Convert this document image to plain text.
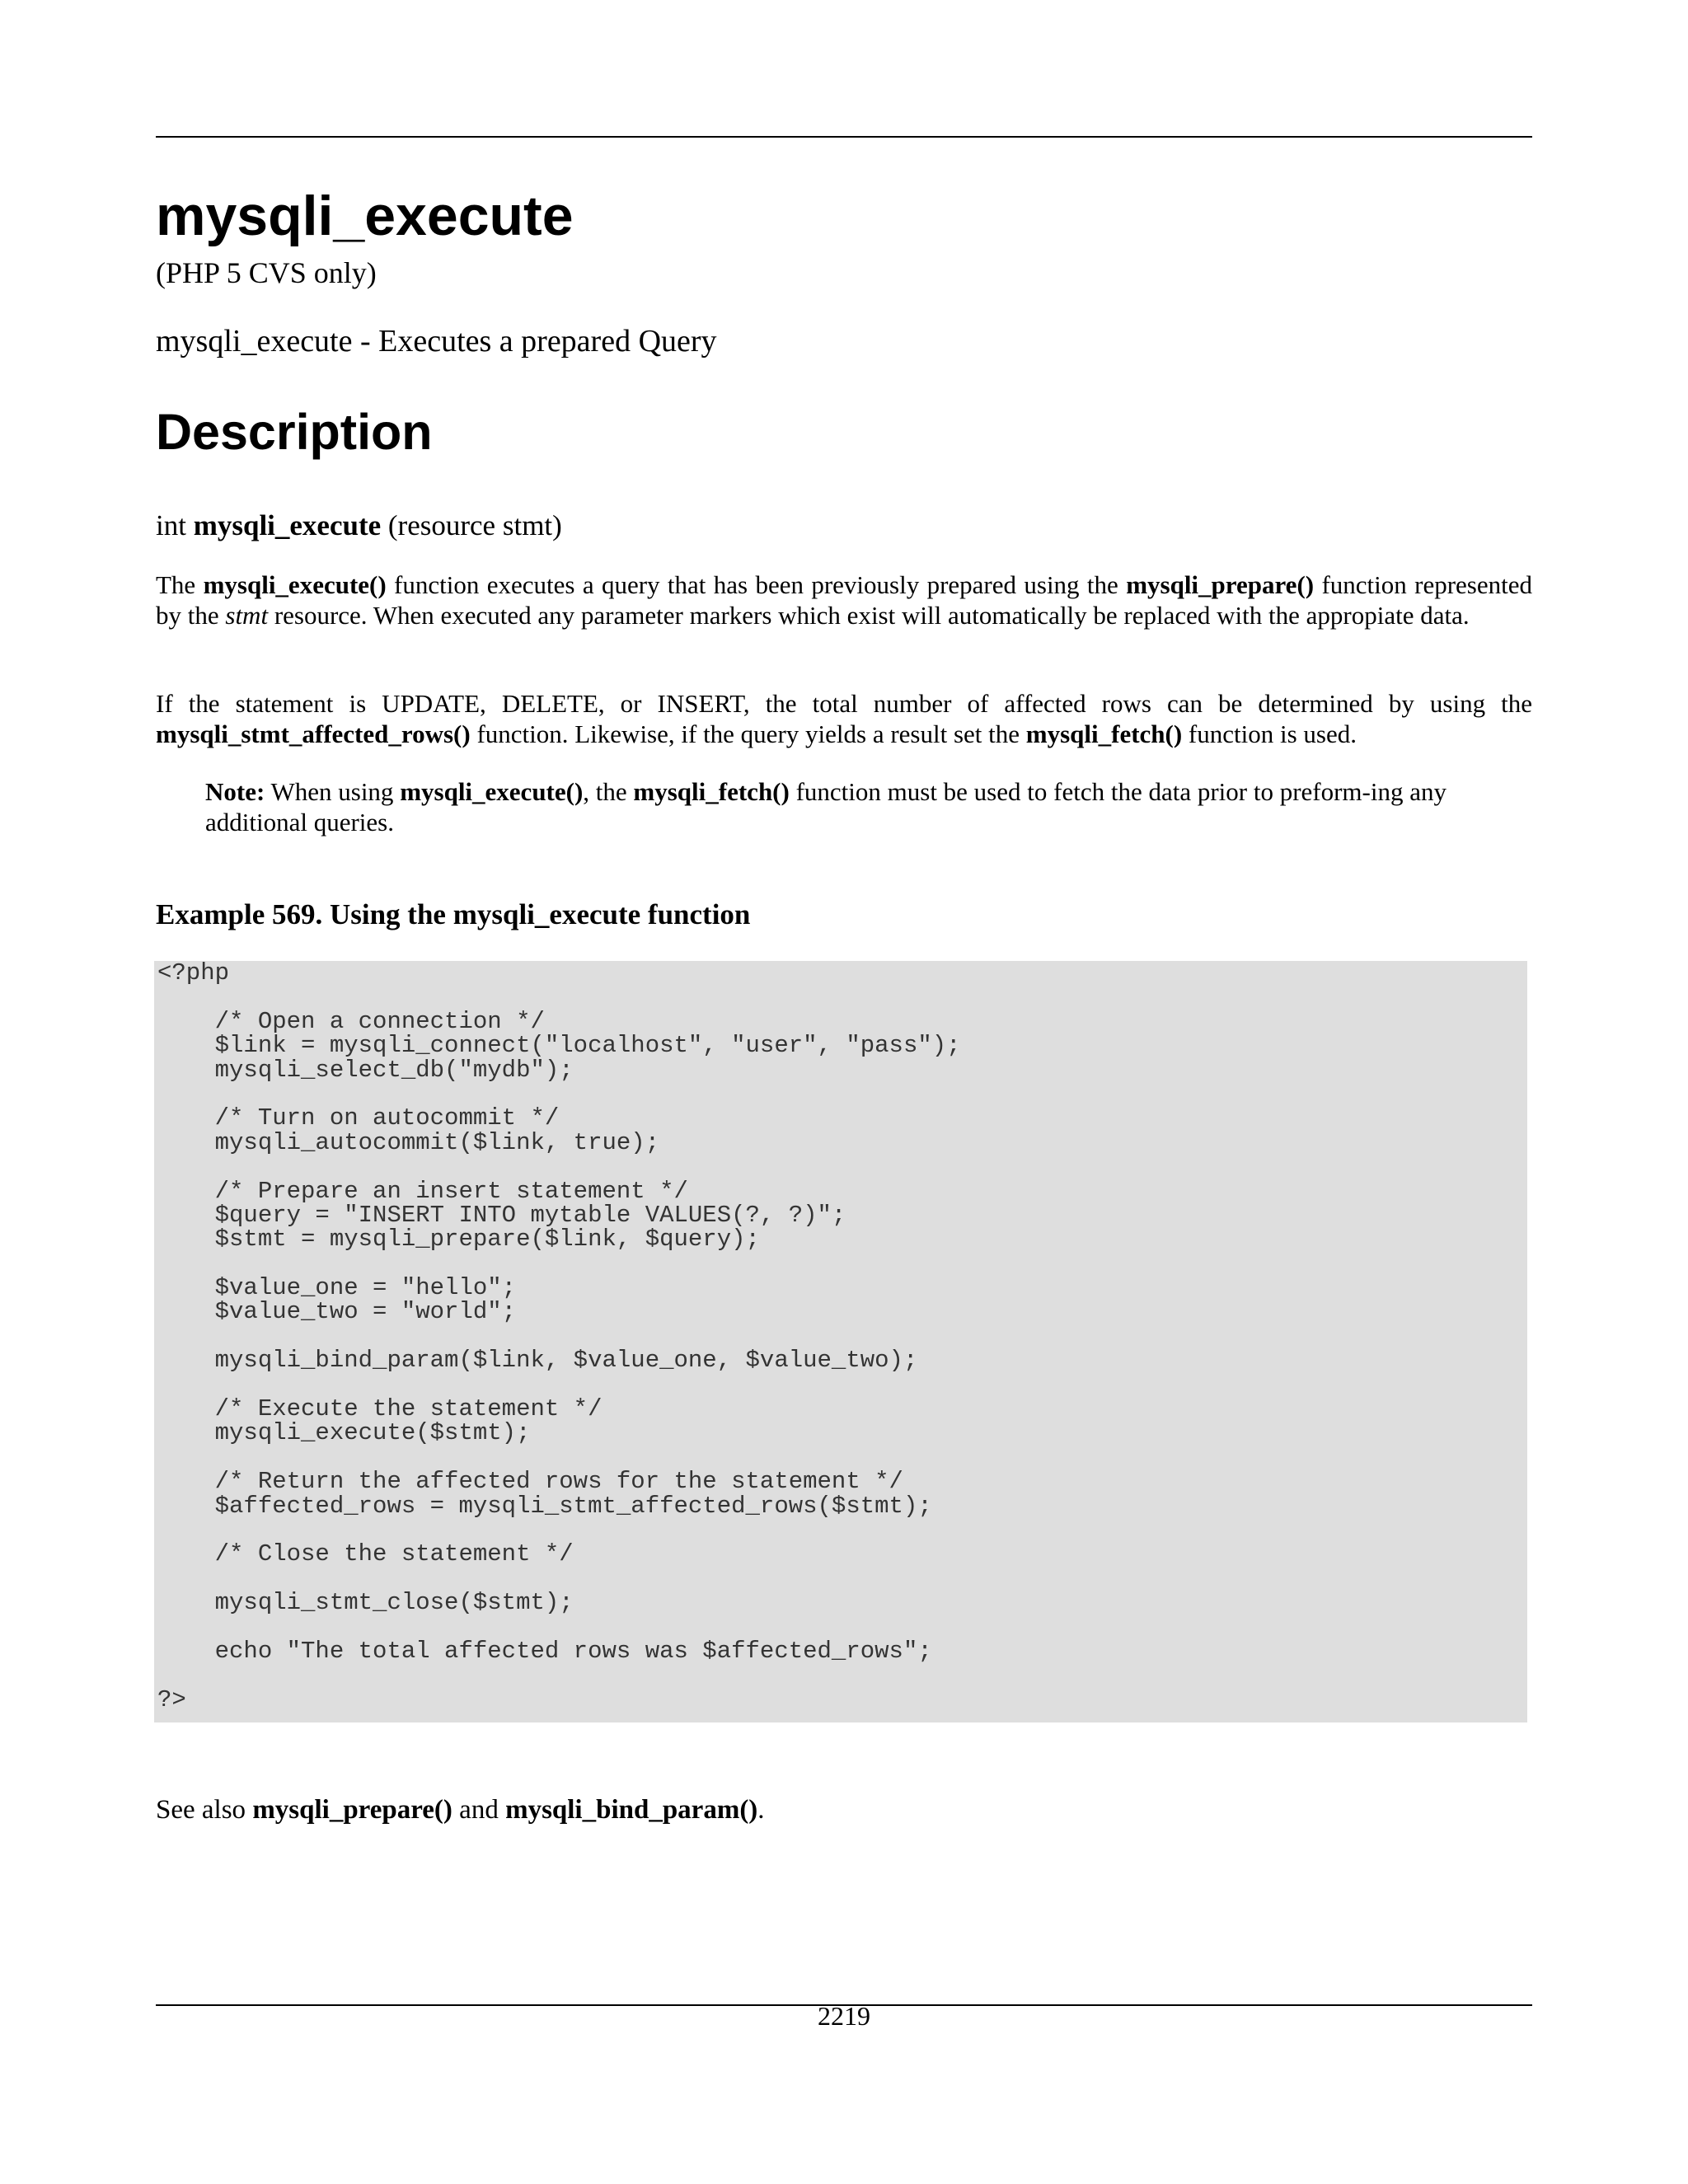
mysqli_execute
(PHP 5 CVS only)
mysqli_execute - Executes a prepared Query
Description
int mysqli_execute (resource stmt)
The mysqli_execute() function executes a query that has been previously prepared using the mysqli_prepare() function represented by the stmt resource. When executed any parameter markers which exist will automatically be replaced with the appropiate data.
If the statement is UPDATE, DELETE, or INSERT, the total number of affected rows can be determined by using the mysqli_stmt_affected_rows() function. Likewise, if the query yields a result set the mysqli_fetch() function is used.
Note: When using mysqli_execute(), the mysqli_fetch() function must be used to fetch the data prior to preform-ing any additional queries.
Example 569. Using the mysqli_execute function
<?php
/* Open a connection */
$link = mysqli_connect("localhost", "user", "pass");
mysqli_select_db("mydb");
/* Turn on autocommit */
mysqli_autocommit($link, true);
/* Prepare an insert statement */
$query = "INSERT INTO mytable VALUES(?, ?)";
$stmt = mysqli_prepare($link, $query);
$value_one = "hello";
$value_two = "world";
mysqli_bind_param($link, $value_one, $value_two);
/* Execute the statement */
mysqli_execute($stmt);
/* Return the affected rows for the statement */
$affected_rows = mysqli_stmt_affected_rows($stmt);
/* Close the statement */
mysqli_stmt_close($stmt);
echo "The total affected rows was $affected_rows";
?>
See also mysqli_prepare() and mysqli_bind_param().
2219
